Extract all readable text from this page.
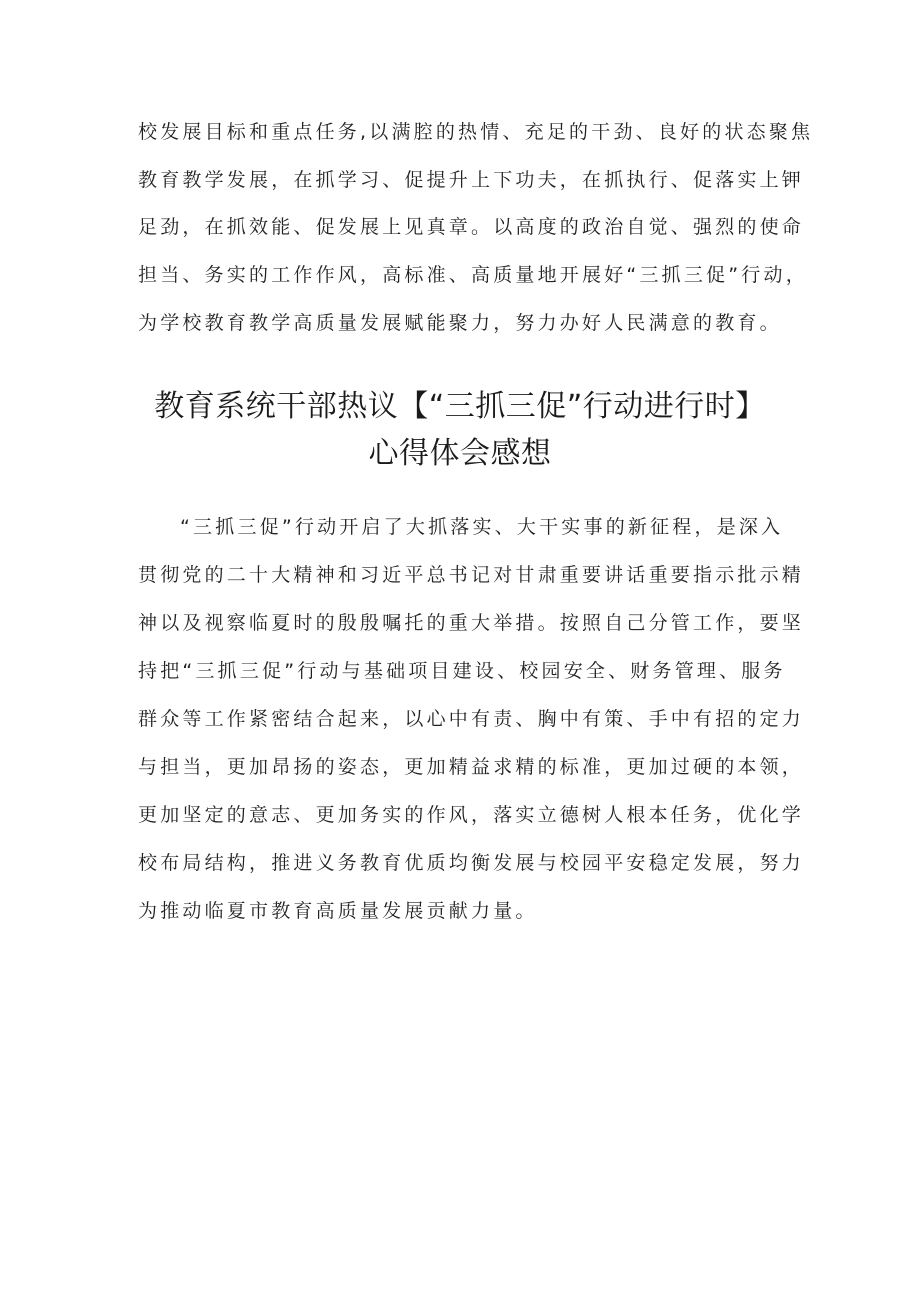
校发展目标和重点任务,以满腔的热情、充足的干劲、良好的状态聚焦

教育教学发展，在抓学习、促提升上下功夫，在抓执行、促落实上钾

足劲，在抓效能、促发展上见真章。以高度的政治自觉、强烈的使命

担当、务实的工作作风，高标准、高质量地开展好“三抓三促”行动，

为学校教育教学高质量发展赋能聚力，努力办好人民满意的教育。

教育系统干部热议【“三抓三促”行动进行时】
心得体会感想

“三抓三促”行动开启了大抓落实、大干实事的新征程，是深入

贯彻党的二十大精神和习近平总书记对甘肃重要讲话重要指示批示精

神以及视察临夏时的殷殷嘱托的重大举措。按照自己分管工作，要坚

持把“三抓三促”行动与基础项目建设、校园安全、财务管理、服务

群众等工作紧密结合起来，以心中有责、胸中有策、手中有招的定力

与担当，更加昂扬的姿态，更加精益求精的标准，更加过硬的本领，

更加坚定的意志、更加务实的作风，落实立德树人根本任务，优化学

校布局结构，推进义务教育优质均衡发展与校园平安稳定发展，努力

为推动临夏市教育高质量发展贡献力量。
